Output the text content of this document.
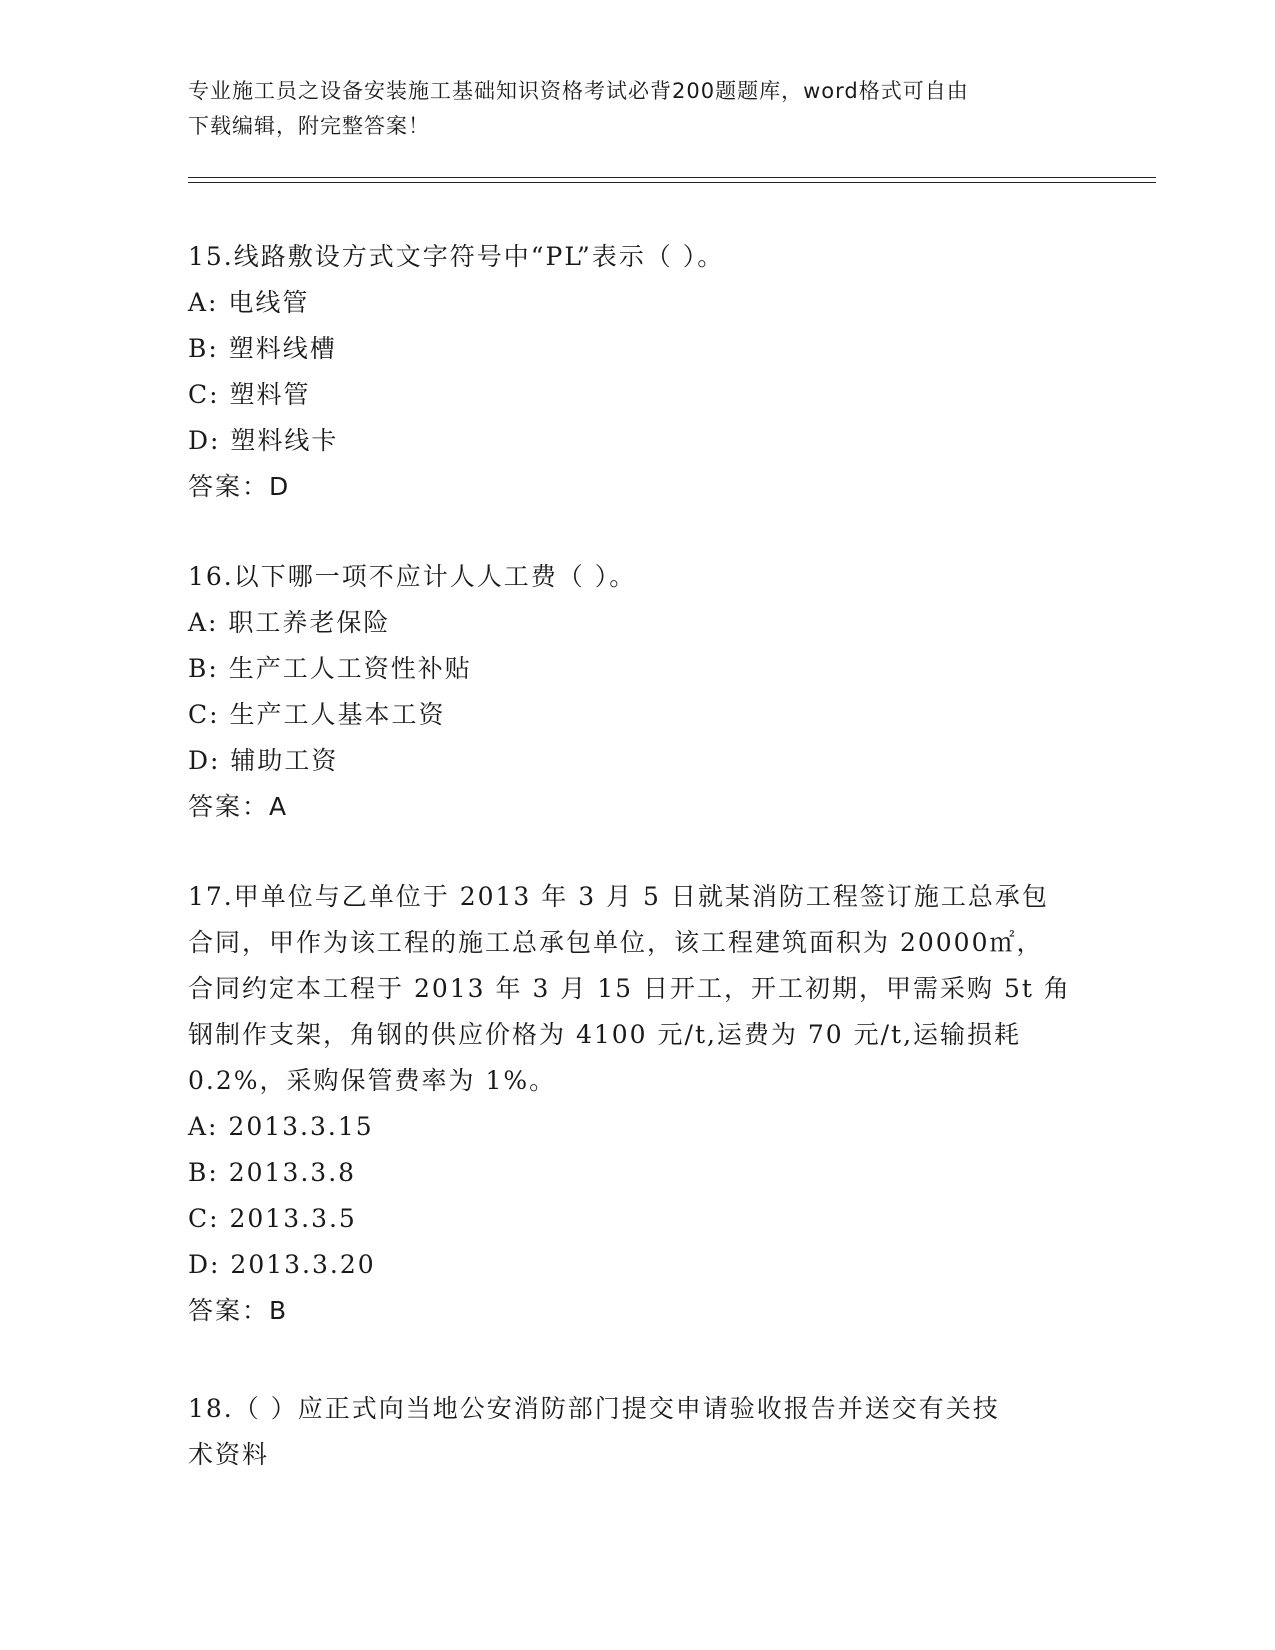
专业施工员之设备安装施工基础知识资格考试必背200题题库，word格式可自由
下载编辑，附完整答案！
15.线路敷设方式文字符号中“PL”表示（ ）。
A: 电线管
B: 塑料线槽
C: 塑料管
D: 塑料线卡
答案：D
16.以下哪一项不应计人人工费（ ）。
A: 职工养老保险
B: 生产工人工资性补贴
C: 生产工人基本工资
D: 辅助工资
答案：A
17.甲单位与乙单位于 2013 年 3 月 5 日就某消防工程签订施工总承包
合同，甲作为该工程的施工总承包单位，该工程建筑面积为 20000㎡，
合同约定本工程于 2013 年 3 月 15 日开工，开工初期，甲需采购 5t 角
钢制作支架，角钢的供应价格为 4100 元/t,运费为 70 元/t,运输损耗
0.2%，采购保管费率为 1%。
A: 2013.3.15
B: 2013.3.8
C: 2013.3.5
D: 2013.3.20
答案：B
18.（ ）应正式向当地公安消防部门提交申请验收报告并送交有关技
术资料
